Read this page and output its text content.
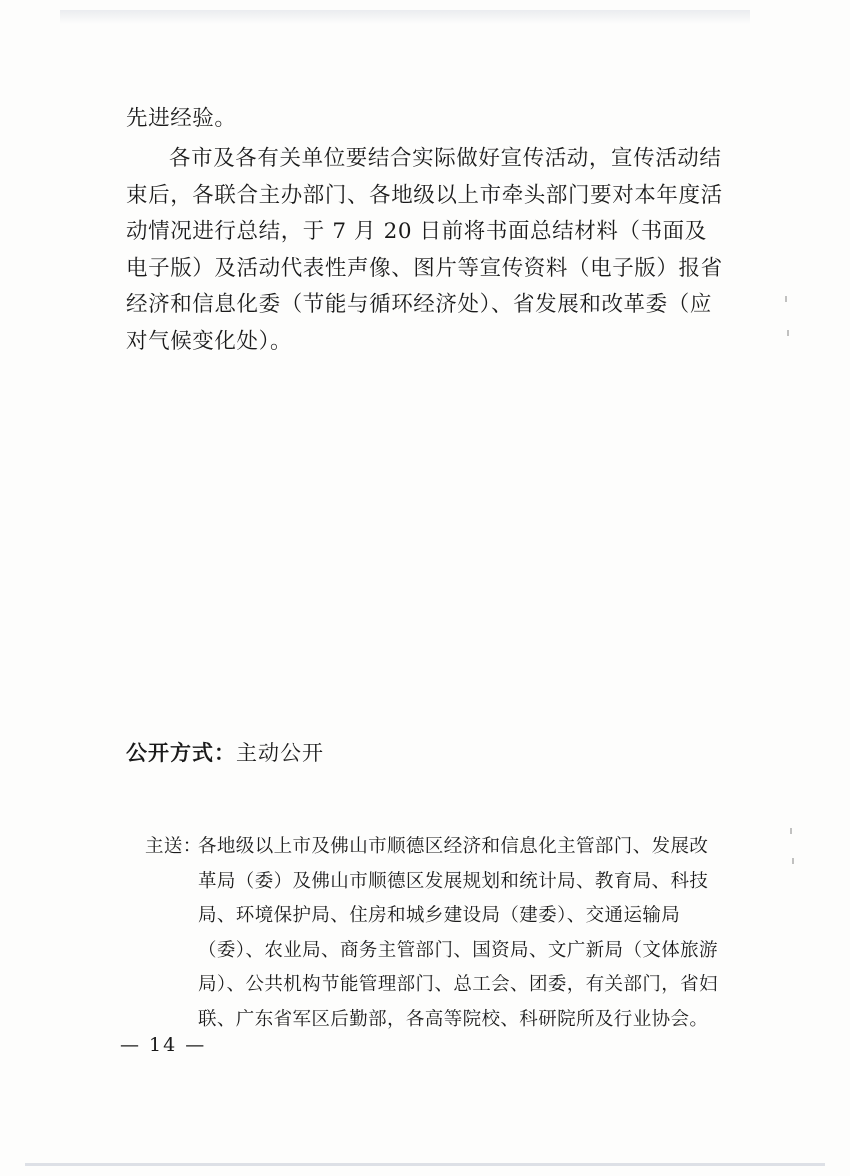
先进经验。

各市及各有关单位要结合实际做好宣传活动，宣传活动结束后，各联合主办部门、各地级以上市牵头部门要对本年度活动情况进行总结，于 7 月 20 日前将书面总结材料（书面及电子版）及活动代表性声像、图片等宣传资料（电子版）报省经济和信息化委（节能与循环经济处）、省发展和改革委（应对气候变化处）。

公开方式：主动公开
主送：
各地级以上市及佛山市顺德区经济和信息化主管部门、发展改革局（委）及佛山市顺德区发展规划和统计局、教育局、科技局、环境保护局、住房和城乡建设局（建委）、交通运输局（委）、农业局、商务主管部门、国资局、文广新局（文体旅游局）、公共机构节能管理部门、总工会、团委，有关部门，省妇联、广东省军区后勤部，各高等院校、科研院所及行业协会。
— 14 —
